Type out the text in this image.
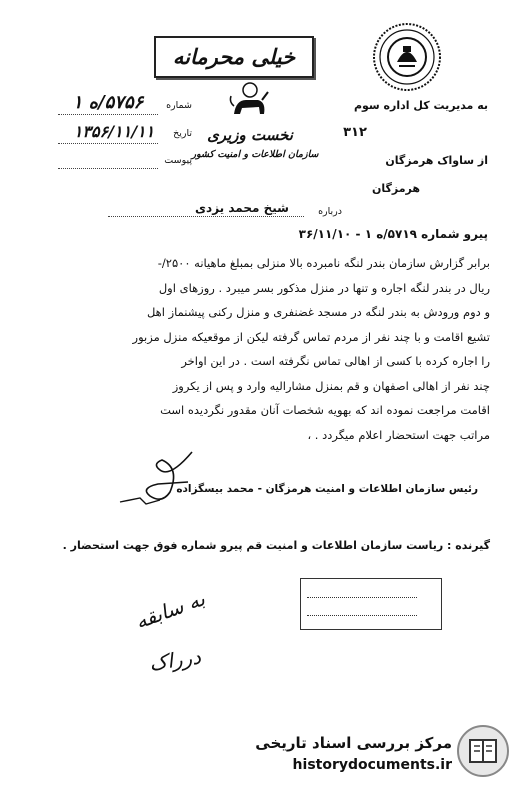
خیلی محرمانه
به مدیریت کل اداره سوم
۳۱۲
از ساواک هرمزگان
هرمزگان
نخست وزیری
سازمان اطلاعات و امنیت کشور
شماره
۵۷۵۶/ه ۱
تاریخ
۱۳۵۶/۱۱/۱۱
پیوست
درباره
شیخ محمد یزدی
پیرو شماره ۵۷۱۹/ه ۱ - ۳۶/۱۱/۱۰
برابر گزارش سازمان بندر لنگه نامبرده بالا منزلی بمبلغ ماهیانه ۲۵۰۰/-
ریال در بندر لنگه اجاره و تنها در منزل مذکور بسر میبرد . روزهای اول
و دوم ورودش به بندر لنگه در مسجد غضنفری و منزل رکنی پیشنماز اهل
تشیع اقامت و با چند نفر از مردم تماس گرفته لیکن از موقعیکه منزل مزبور
را اجاره کرده با کسی از اهالی تماس نگرفته است . در این اواخر
چند نفر از اهالی اصفهان و قم بمنزل مشارالیه وارد و پس از یکروز
اقامت مراجعت نموده اند که بهویه شخصات آنان مقدور نگردیده است
مراتب جهت استحضار اعلام میگردد . ،
رئیس سازمان اطلاعات و امنیت هرمزگان - محمد بیسگزاده
گیرنده : ریاست سازمان اطلاعات و امنیت قم پیرو شماره فوق جهت استحضار .
به سابقه
درراک
مرکز بررسی اسناد تاریخی
historydocuments.ir
